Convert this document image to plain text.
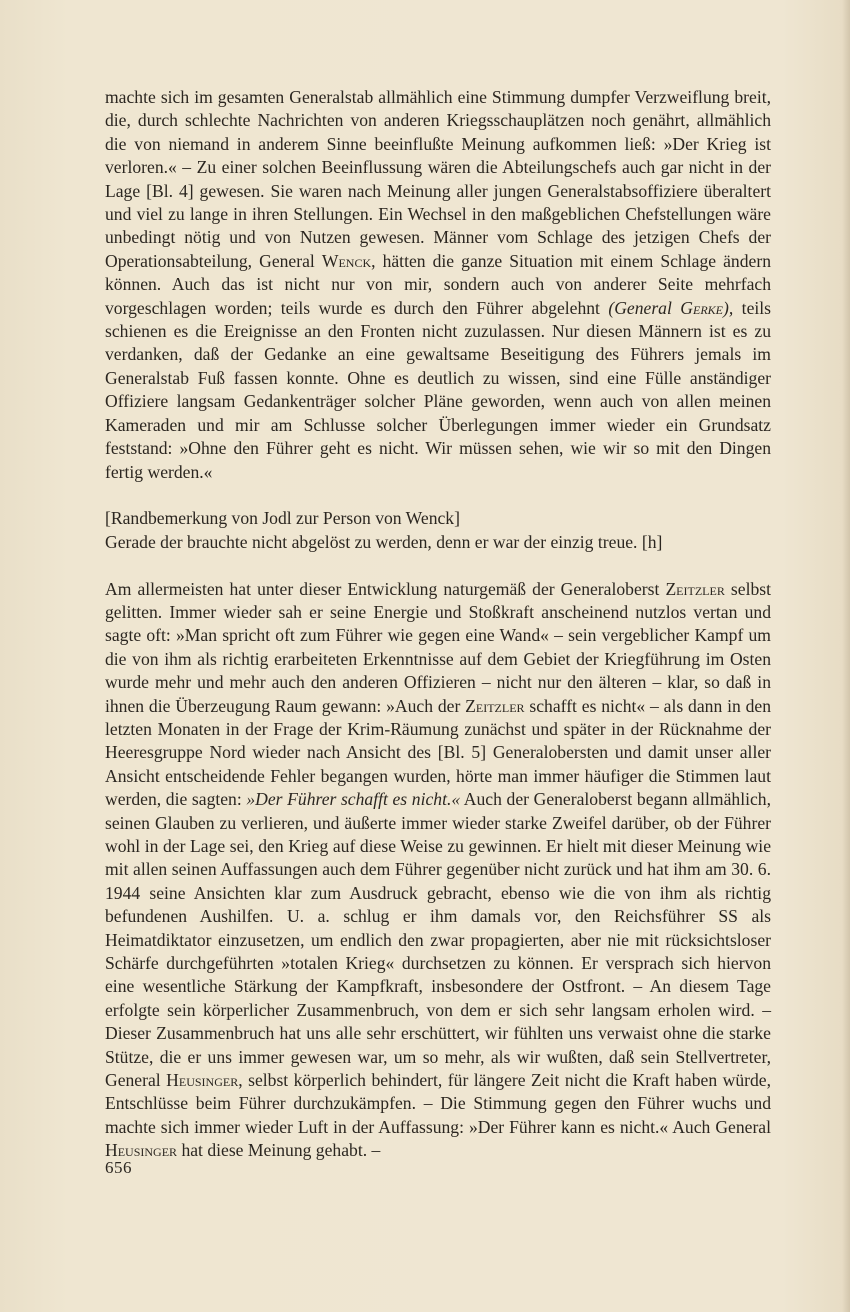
machte sich im gesamten Generalstab allmählich eine Stimmung dumpfer Verzweiflung breit, die, durch schlechte Nachrichten von anderen Kriegsschauplätzen noch genährt, allmählich die von niemand in anderem Sinne beeinflußte Meinung aufkommen ließ: »Der Krieg ist verloren.« – Zu einer solchen Beeinflussung wären die Abteilungschefs auch gar nicht in der Lage [Bl. 4] gewesen. Sie waren nach Meinung aller jungen Generalstabsoffiziere überaltert und viel zu lange in ihren Stellungen. Ein Wechsel in den maßgeblichen Chefstellungen wäre unbedingt nötig und von Nutzen gewesen. Männer vom Schlage des jetzigen Chefs der Operationsabteilung, General Wenck, hätten die ganze Situation mit einem Schlage ändern können. Auch das ist nicht nur von mir, sondern auch von anderer Seite mehrfach vorgeschlagen worden; teils wurde es durch den Führer abgelehnt (General Gerke), teils schienen es die Ereignisse an den Fronten nicht zuzulassen. Nur diesen Männern ist es zu verdanken, daß der Gedanke an eine gewaltsame Beseitigung des Führers jemals im Generalstab Fuß fassen konnte. Ohne es deutlich zu wissen, sind eine Fülle anständiger Offiziere langsam Gedankenträger solcher Pläne geworden, wenn auch von allen meinen Kameraden und mir am Schlusse solcher Überlegungen immer wieder ein Grundsatz feststand: »Ohne den Führer geht es nicht. Wir müssen sehen, wie wir so mit den Dingen fertig werden.«

[Randbemerkung von Jodl zur Person von Wenck]

Gerade der brauchte nicht abgelöst zu werden, denn er war der einzig treue. [h]

Am allermeisten hat unter dieser Entwicklung naturgemäß der Generaloberst Zeitzler selbst gelitten. Immer wieder sah er seine Energie und Stoßkraft anscheinend nutzlos vertan und sagte oft: »Man spricht oft zum Führer wie gegen eine Wand« – sein vergeblicher Kampf um die von ihm als richtig erarbeiteten Erkenntnisse auf dem Gebiet der Kriegführung im Osten wurde mehr und mehr auch den anderen Offizieren – nicht nur den älteren – klar, so daß in ihnen die Überzeugung Raum gewann: »Auch der Zeitzler schafft es nicht« – als dann in den letzten Monaten in der Frage der Krim-Räumung zunächst und später in der Rücknahme der Heeresgruppe Nord wieder nach Ansicht des [Bl. 5] Generalobersten und damit unser aller Ansicht entscheidende Fehler begangen wurden, hörte man immer häufiger die Stimmen laut werden, die sagten: »Der Führer schafft es nicht.« Auch der Generaloberst begann allmählich, seinen Glauben zu verlieren, und äußerte immer wieder starke Zweifel darüber, ob der Führer wohl in der Lage sei, den Krieg auf diese Weise zu gewinnen. Er hielt mit dieser Meinung wie mit allen seinen Auffassungen auch dem Führer gegenüber nicht zurück und hat ihm am 30. 6. 1944 seine Ansichten klar zum Ausdruck gebracht, ebenso wie die von ihm als richtig befundenen Aushilfen. U. a. schlug er ihm damals vor, den Reichsführer SS als Heimatdiktator einzusetzen, um endlich den zwar propagierten, aber nie mit rücksichtsloser Schärfe durchgeführten »totalen Krieg« durchsetzen zu können. Er versprach sich hiervon eine wesentliche Stärkung der Kampfkraft, insbesondere der Ostfront. – An diesem Tage erfolgte sein körperlicher Zusammenbruch, von dem er sich sehr langsam erholen wird. – Dieser Zusammenbruch hat uns alle sehr erschüttert, wir fühlten uns verwaist ohne die starke Stütze, die er uns immer gewesen war, um so mehr, als wir wußten, daß sein Stellvertreter, General Heusinger, selbst körperlich behindert, für längere Zeit nicht die Kraft haben würde, Entschlüsse beim Führer durchzukämpfen. – Die Stimmung gegen den Führer wuchs und machte sich immer wieder Luft in der Auffassung: »Der Führer kann es nicht.« Auch General Heusinger hat diese Meinung gehabt. –

656
